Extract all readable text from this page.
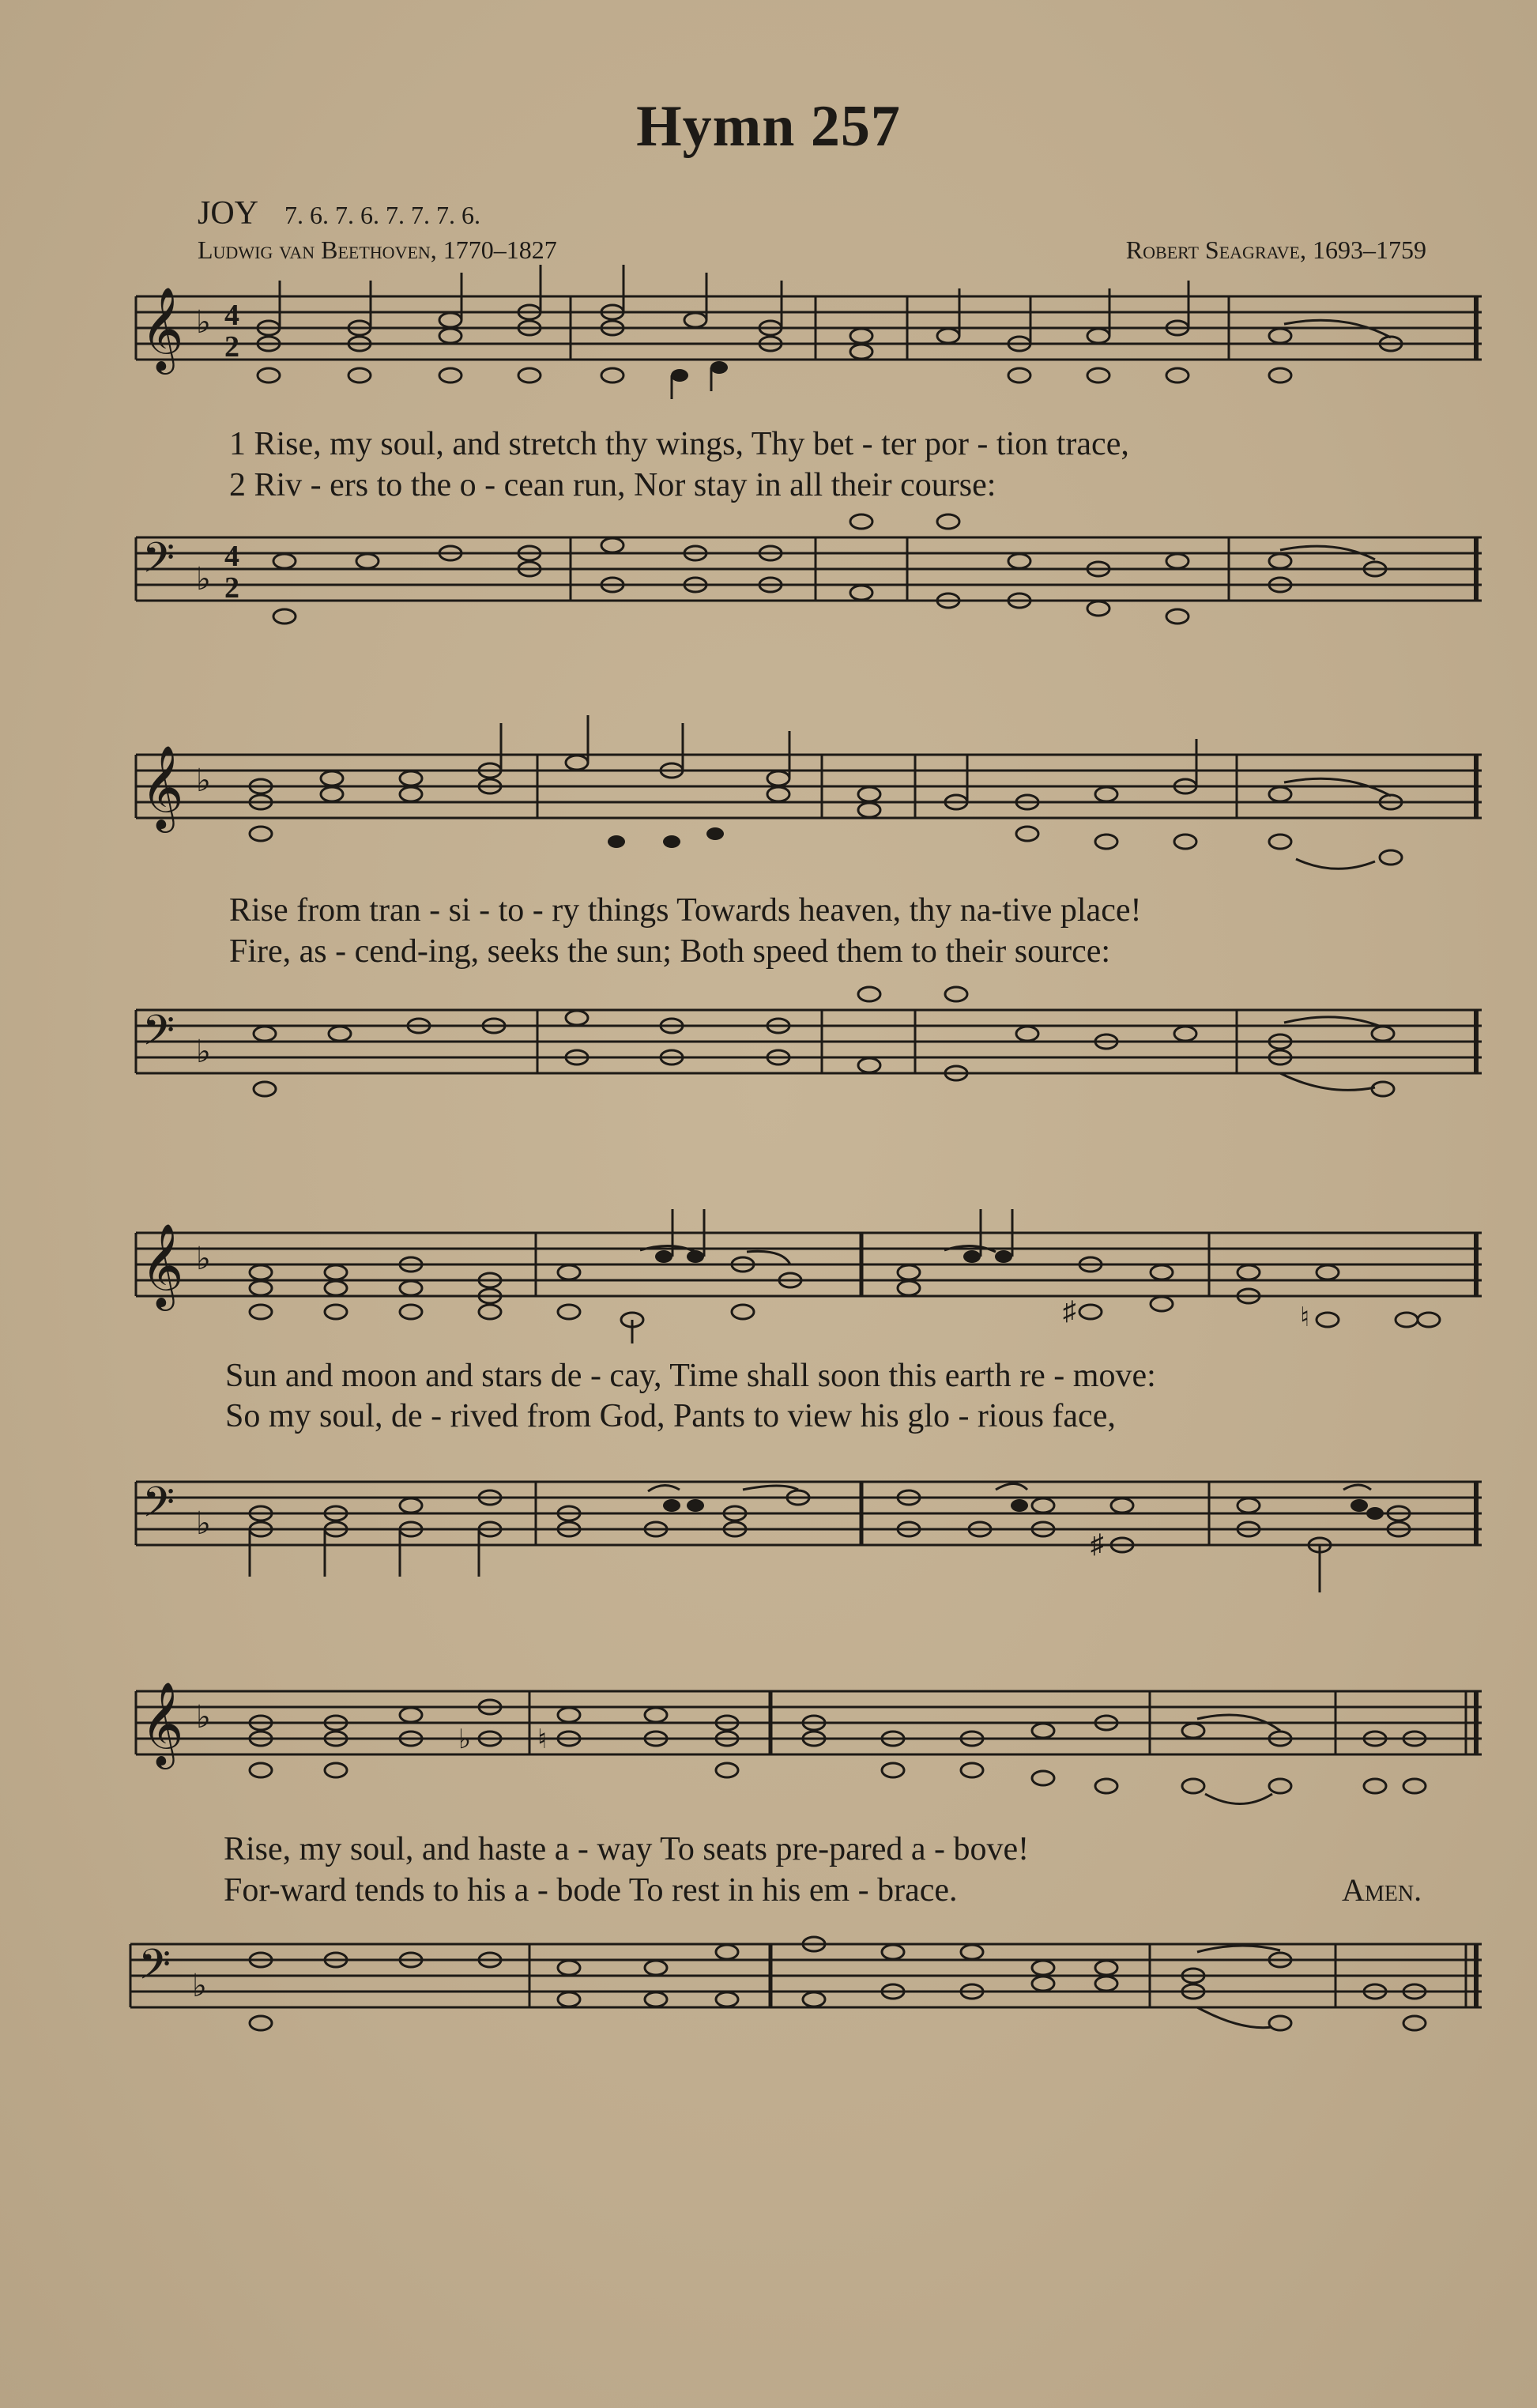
Hymn 257
JOY 7. 6. 7. 6. 7. 7. 7. 6.
Ludwig van Beethoven, 1770–1827	Robert Seagrave, 1693–1759
𝄞 ♭ 4
2
1 Rise, my soul, and stretch thy wings, Thy bet - ter por - tion trace,
2 Riv - ers to the o - cean run, Nor stay in all their course:
𝄢 ♭
4
2
𝄞 ♭
Rise from tran - si - to - ry things Towards heaven, thy na-tive place!
Fire, as - cend-ing, seeks the sun; Both speed them to their source:
𝄢 ♭
𝄞 ♭
♯	♮
Sun and moon and stars de - cay, Time shall soon this earth re - move:
So my soul, de - rived from God, Pants to view his glo - rious face,
𝄢 ♭
♯
𝄞 ♭
♭ ♮
Rise, my soul, and haste a - way To seats pre-pared a - bove!
For-ward tends to his a - bode To rest in his em - brace.	Amen.
𝄢 ♭
